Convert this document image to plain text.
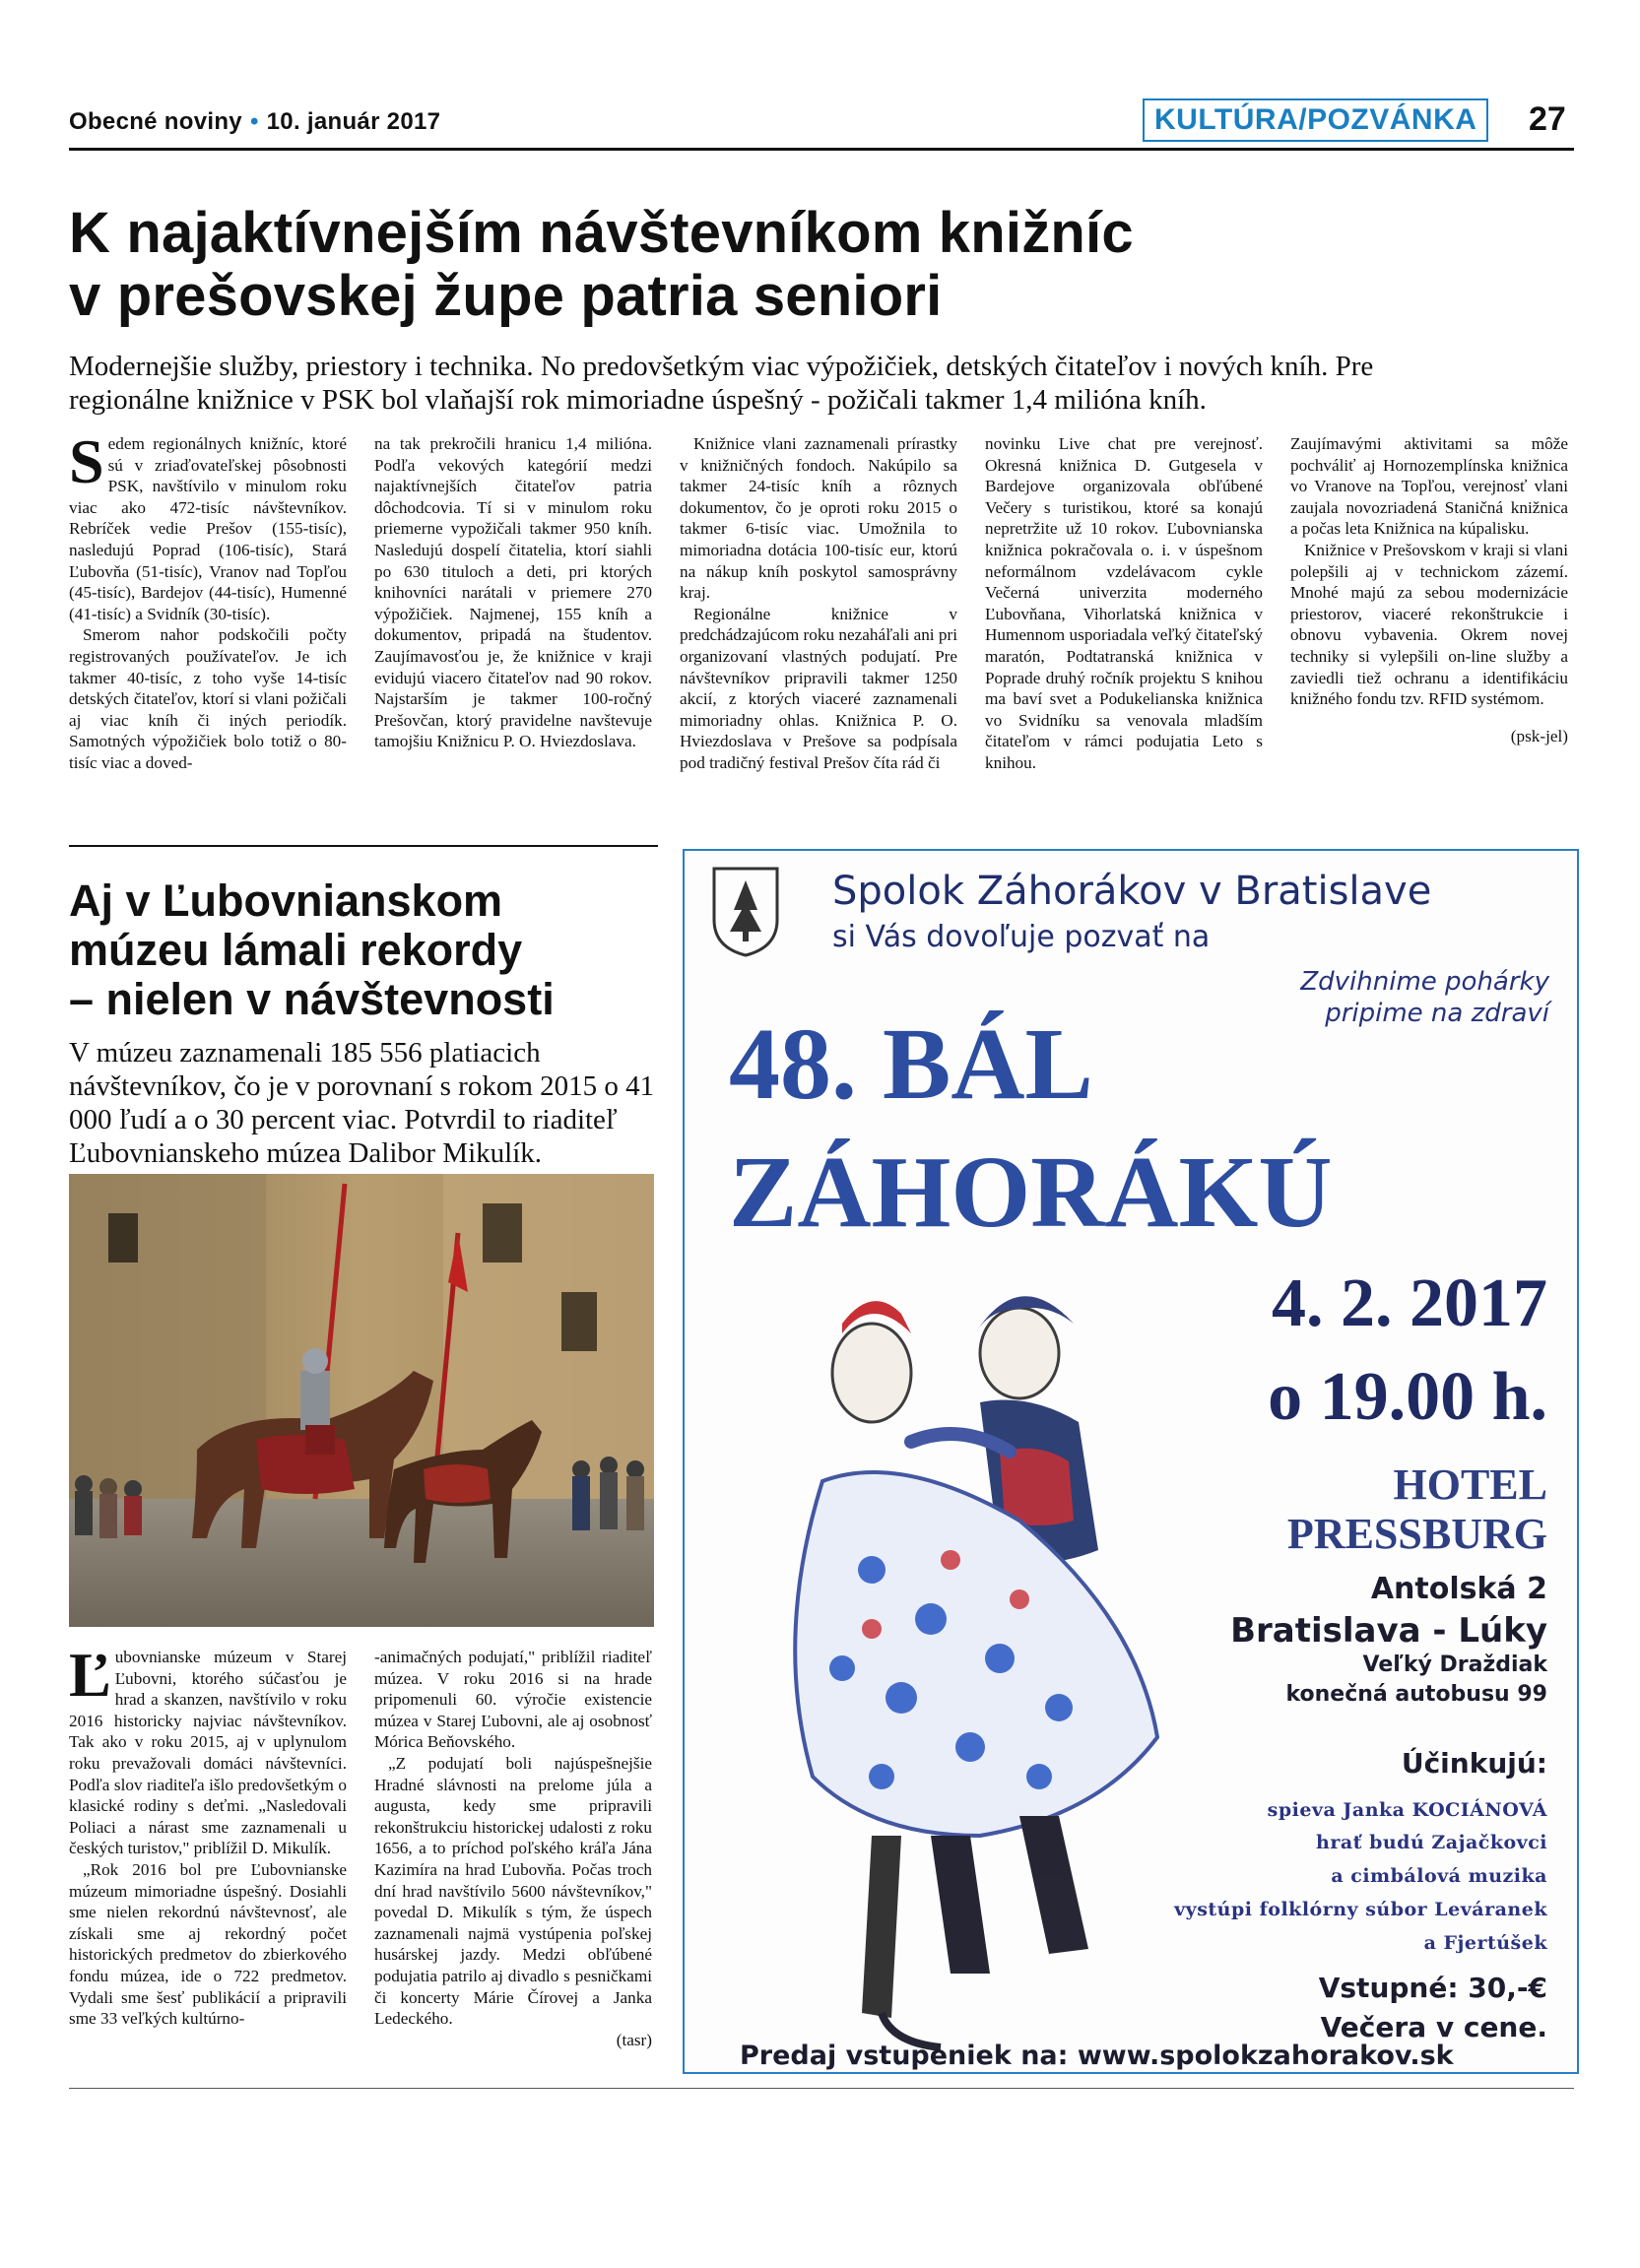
Obecné noviny • 10. január 2017	KULTÚRA/POZVÁNKA	27
K najaktívnejším návštevníkom knižníc
v prešovskej župe patria seniori
Modernejšie služby, priestory i technika. No predovšetkým viac výpožičiek, detských čitateľov i nových kníh. Pre
regionálne knižnice v PSK bol vlaňajší rok mimoriadne úspešný - požičali takmer 1,4 milióna kníh.

Sedem regionálnych knižníc, ktoré sú v zriaďovateľskej pôsobnosti PSK, navštívilo v minulom roku viac ako 472-tisíc návštevníkov. Rebríček vedie Prešov (155-tisíc), nasledujú Poprad (106-tisíc), Stará Ľubovňa (51-tisíc), Vranov nad Topľou (45-tisíc), Bardejov (44-tisíc), Humenné (41-tisíc) a Svidník (30-tisíc).

Smerom nahor podskočili počty registrovaných používateľov. Je ich takmer 40-tisíc, z toho vyše 14-tisíc detských čitateľov, ktorí si vlani požičali aj viac kníh či iných periodík. Samotných výpožičiek bolo totiž o 80-tisíc viac a doved-

na tak prekročili hranicu 1,4 milióna. Podľa vekových kategórií medzi najaktívnejších čitateľov patria dôchodcovia. Tí si v minulom roku priemerne vypožičali takmer 950 kníh. Nasledujú dospelí čitatelia, ktorí siahli po 630 tituloch a deti, pri ktorých knihovníci narátali v priemere 270 výpožičiek. Najmenej, 155 kníh a dokumentov, pripadá na študentov. Zaujímavosťou je, že knižnice v kraji evidujú viacero čitateľov nad 90 rokov. Najstarším je takmer 100-ročný Prešovčan, ktorý pravidelne navštevuje tamojšiu Knižnicu P. O. Hviezdoslava.

Knižnice vlani zaznamenali prírastky v knižničných fondoch. Nakúpilo sa takmer 24-tisíc kníh a rôznych dokumentov, čo je oproti roku 2015 o takmer 6-tisíc viac. Umožnila to mimoriadna dotácia 100-tisíc eur, ktorú na nákup kníh poskytol samosprávny kraj.

Regionálne knižnice v predchádzajúcom roku nezaháľali ani pri organizovaní vlastných podujatí. Pre návštevníkov pripravili takmer 1250 akcií, z ktorých viaceré zaznamenali mimoriadny ohlas. Knižnica P. O. Hviezdoslava v Prešove sa podpísala pod tradičný festival Prešov číta rád či

novinku Live chat pre verejnosť. Okresná knižnica D. Gutgesela v Bardejove organizovala obľúbené Večery s turistikou, ktoré sa konajú nepretržite už 10 rokov. Ľubovnianska knižnica pokračovala o. i. v úspešnom neformálnom vzdelávacom cykle Večerná univerzita moderného Ľubovňana, Vihorlatská knižnica v Humennom usporiadala veľký čitateľský maratón, Podtatranská knižnica v Poprade druhý ročník projektu S knihou ma baví svet a Podukelianska knižnica vo Svidníku sa venovala mladším čitateľom v rámci podujatia Leto s knihou.

Zaujímavými aktivitami sa môže pochváliť aj Hornozemplínska knižnica vo Vranove na Topľou, verejnosť vlani zaujala novozriadená Staničná knižnica a počas leta Knižnica na kúpalisku.

Knižnice v Prešovskom v kraji si vlani polepšili aj v technickom zázemí. Mnohé majú za sebou modernizácie priestorov, viaceré rekonštrukcie i obnovu vybavenia. Okrem novej techniky si vylepšili on-line služby a zaviedli tiež ochranu a identifikáciu knižného fondu tzv. RFID systémom.

(psk-jel)

Aj v Ľubovnianskom
múzeu lámali rekordy
– nielen v návštevnosti
V múzeu zaznamenali 185 556 platiacich návštevníkov, čo je v porovnaní s rokom 2015 o 41 000 ľudí a o 30 percent viac. Potvrdil to riaditeľ Ľubovnianskeho múzea Dalibor Mikulík.

Ľubovnianske múzeum v Starej Ľubovni, ktorého súčasťou je hrad a skanzen, navštívilo v roku 2016 historicky najviac návštevníkov. Tak ako v roku 2015, aj v uplynulom roku prevažovali domáci návštevníci. Podľa slov riaditeľa išlo predovšetkým o klasické rodiny s deťmi. „Nasledovali Poliaci a nárast sme zaznamenali u českých turistov," priblížil D. Mikulík.

„Rok 2016 bol pre Ľubovnianske múzeum mimoriadne úspešný. Dosiahli sme nielen rekordnú návštevnosť, ale získali sme aj rekordný počet historických predmetov do zbierkového fondu múzea, ide o 722 predmetov. Vydali sme šesť publikácií a pripravili sme 33 veľkých kultúrno-

-animačných podujatí," priblížil riaditeľ múzea. V roku 2016 si na hrade pripomenuli 60. výročie existencie múzea v Starej Ľubovni, ale aj osobnosť Mórica Beňovského.

„Z podujatí boli najúspešnejšie Hradné slávnosti na prelome júla a augusta, kedy sme pripravili rekonštrukciu historickej udalosti z roku 1656, a to príchod poľského kráľa Jána Kazimíra na hrad Ľubovňa. Počas troch dní hrad navštívilo 5600 návštevníkov," povedal D. Mikulík s tým, že úspech zaznamenali najmä vystúpenia poľskej husárskej jazdy. Medzi obľúbené podujatia patrilo aj divadlo s pesničkami či koncerty Márie Čírovej a Janka Ledeckého.

(tasr)

Spolok Záhorákov v Bratislave
si Vás dovoľuje pozvať na
Zdvihnime pohárky
pripime na zdraví
48. BÁL
ZÁHORÁKÚ
4. 2. 2017
o 19.00 h.
HOTEL
PRESSBURG
Antolská 2
Bratislava - Lúky
Veľký Draždiak
konečná autobusu 99
Účinkujú:
spieva Janka KOCIÁNOVÁ
hrať budú Zajačkovci
a cimbálová muzika
vystúpi folklórny súbor Leváranek
a Fjertúšek
Vstupné: 30,-€
Večera v cene.
Predaj vstupeniek na: www.spolokzahorakov.sk
